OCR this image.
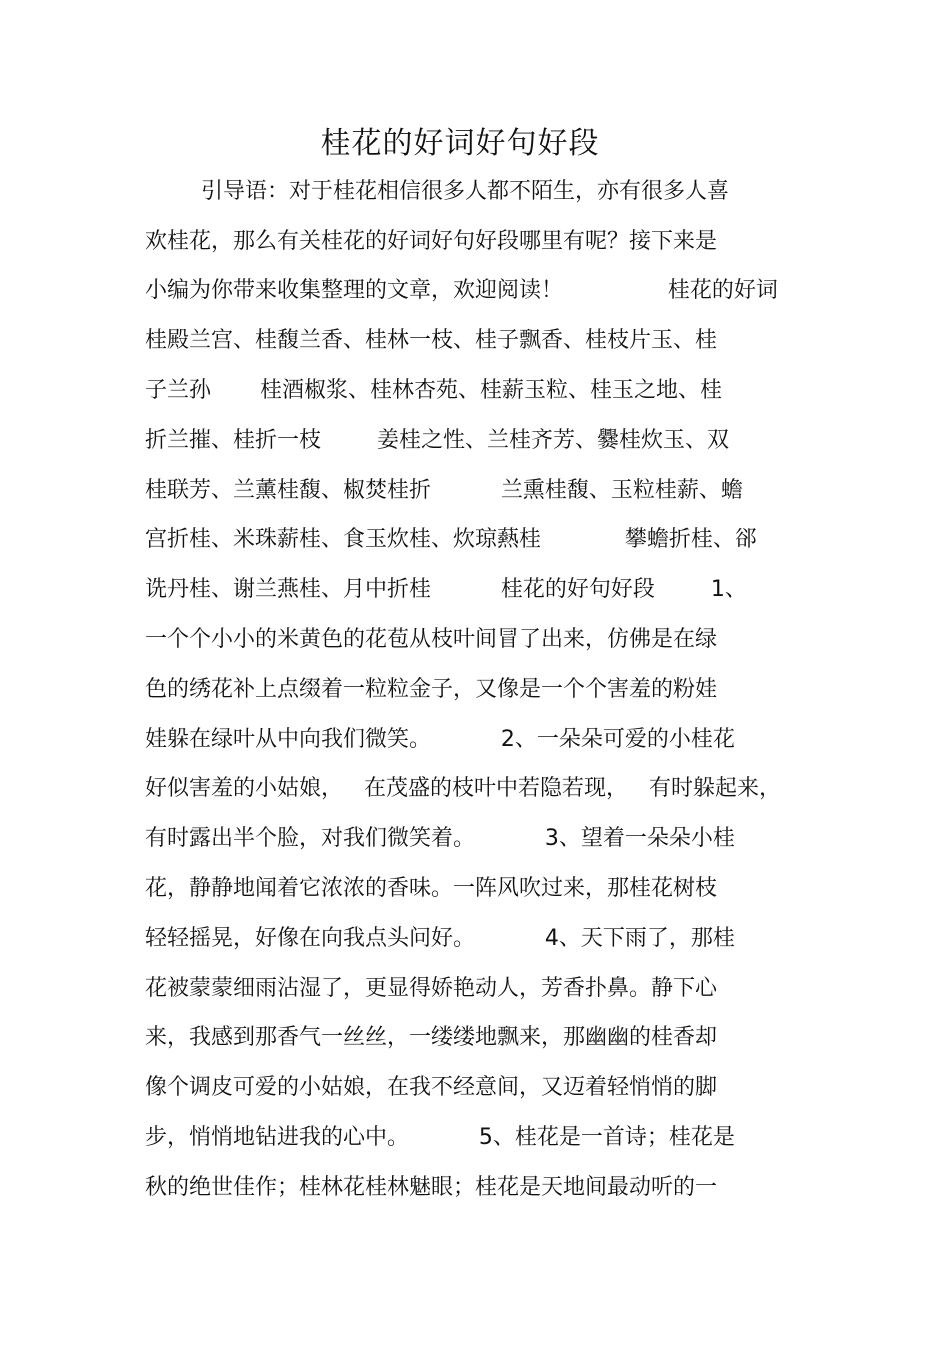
桂花的好词好句好段
引导语：对于桂花相信很多人都不陌生，亦有很多人喜
欢桂花，那么有关桂花的好词好句好段哪里有呢？接下来是
小编为你带来收集整理的文章，欢迎阅读！               桂花的好词
桂殿兰宫、桂馥兰香、桂林一枝、桂子飘香、桂枝片玉、桂
子兰孙       桂酒椒浆、桂林杏苑、桂薪玉粒、桂玉之地、桂
折兰摧、桂折一枝        姜桂之性、兰桂齐芳、爨桂炊玉、双
桂联芳、兰薰桂馥、椒焚桂折          兰熏桂馥、玉粒桂薪、蟾
宫折桂、米珠薪桂、食玉炊桂、炊琼爇桂            攀蟾折桂、郤
诜丹桂、谢兰燕桂、月中折桂          桂花的好句好段        1、
一个个小小的米黄色的花苞从枝叶间冒了出来，仿佛是在绿
色的绣花补上点缀着一粒粒金子，又像是一个个害羞的粉娃
娃躲在绿叶从中向我们微笑。          2、一朵朵可爱的小桂花
好似害羞的小姑娘，   在茂盛的枝叶中若隐若现，   有时躲起来，
有时露出半个脸，对我们微笑着。          3、望着一朵朵小桂
花，静静地闻着它浓浓的香味。一阵风吹过来，那桂花树枝
轻轻摇晃，好像在向我点头问好。          4、天下雨了，那桂
花被蒙蒙细雨沾湿了，更显得娇艳动人，芳香扑鼻。静下心
来，我感到那香气一丝丝，一缕缕地飘来，那幽幽的桂香却
像个调皮可爱的小姑娘，在我不经意间，又迈着轻悄悄的脚
步，悄悄地钻进我的心中。          5、桂花是一首诗；桂花是
秋的绝世佳作；桂林花桂林魅眼；桂花是天地间最动听的一
